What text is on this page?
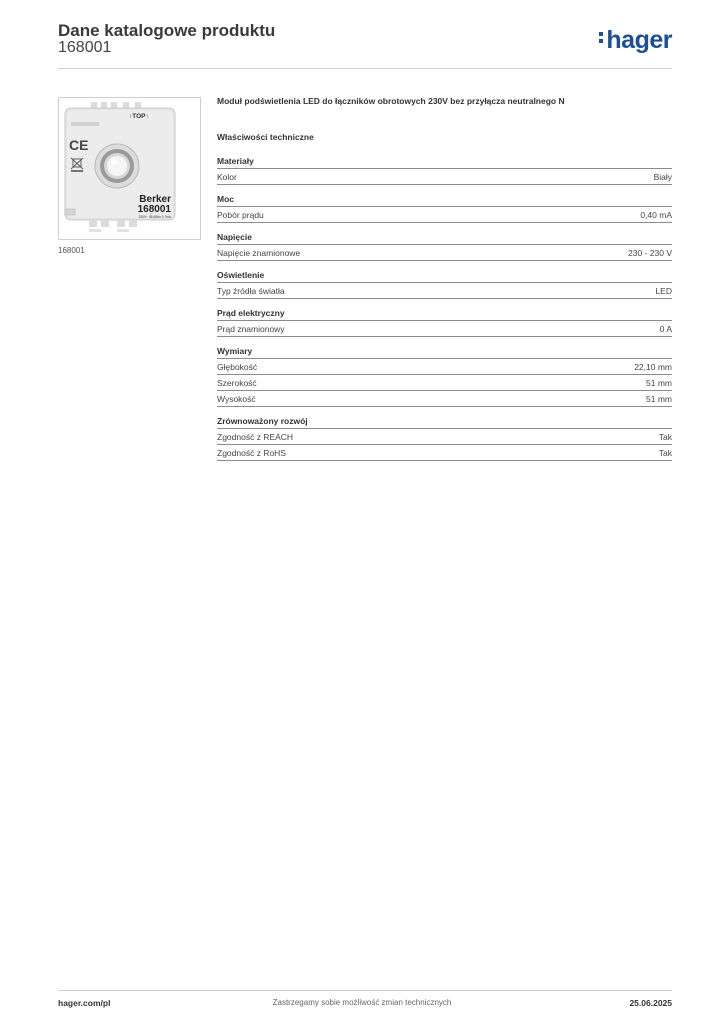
Dane katalogowe produktu
168001	hager
↑TOP↑
CE
Berker
168001
230V~ 45-65Hz 0,7mA
168001
Moduł podświetlenia LED do łączników obrotowych 230V bez przyłącza neutralnego N
Właściwości techniczne
Materiały
Kolor	Biały
Moc
Pobór prądu	0,40 mA
Napięcie
Napięcie znamionowe	230 - 230 V
Oświetlenie
Typ źródła światła	LED
Prąd elektryczny
Prąd znamionowy	0 A
Wymiary
Głębokość	22,10 mm
Szerokość	51 mm
Wysokość	51 mm
Zrównoważony rozwój
Zgodność z REACH	Tak
Zgodność z RoHS	Tak
hager.com/pl	Zastrzegamy sobie możliwość zmian technicznych	25.06.2025
